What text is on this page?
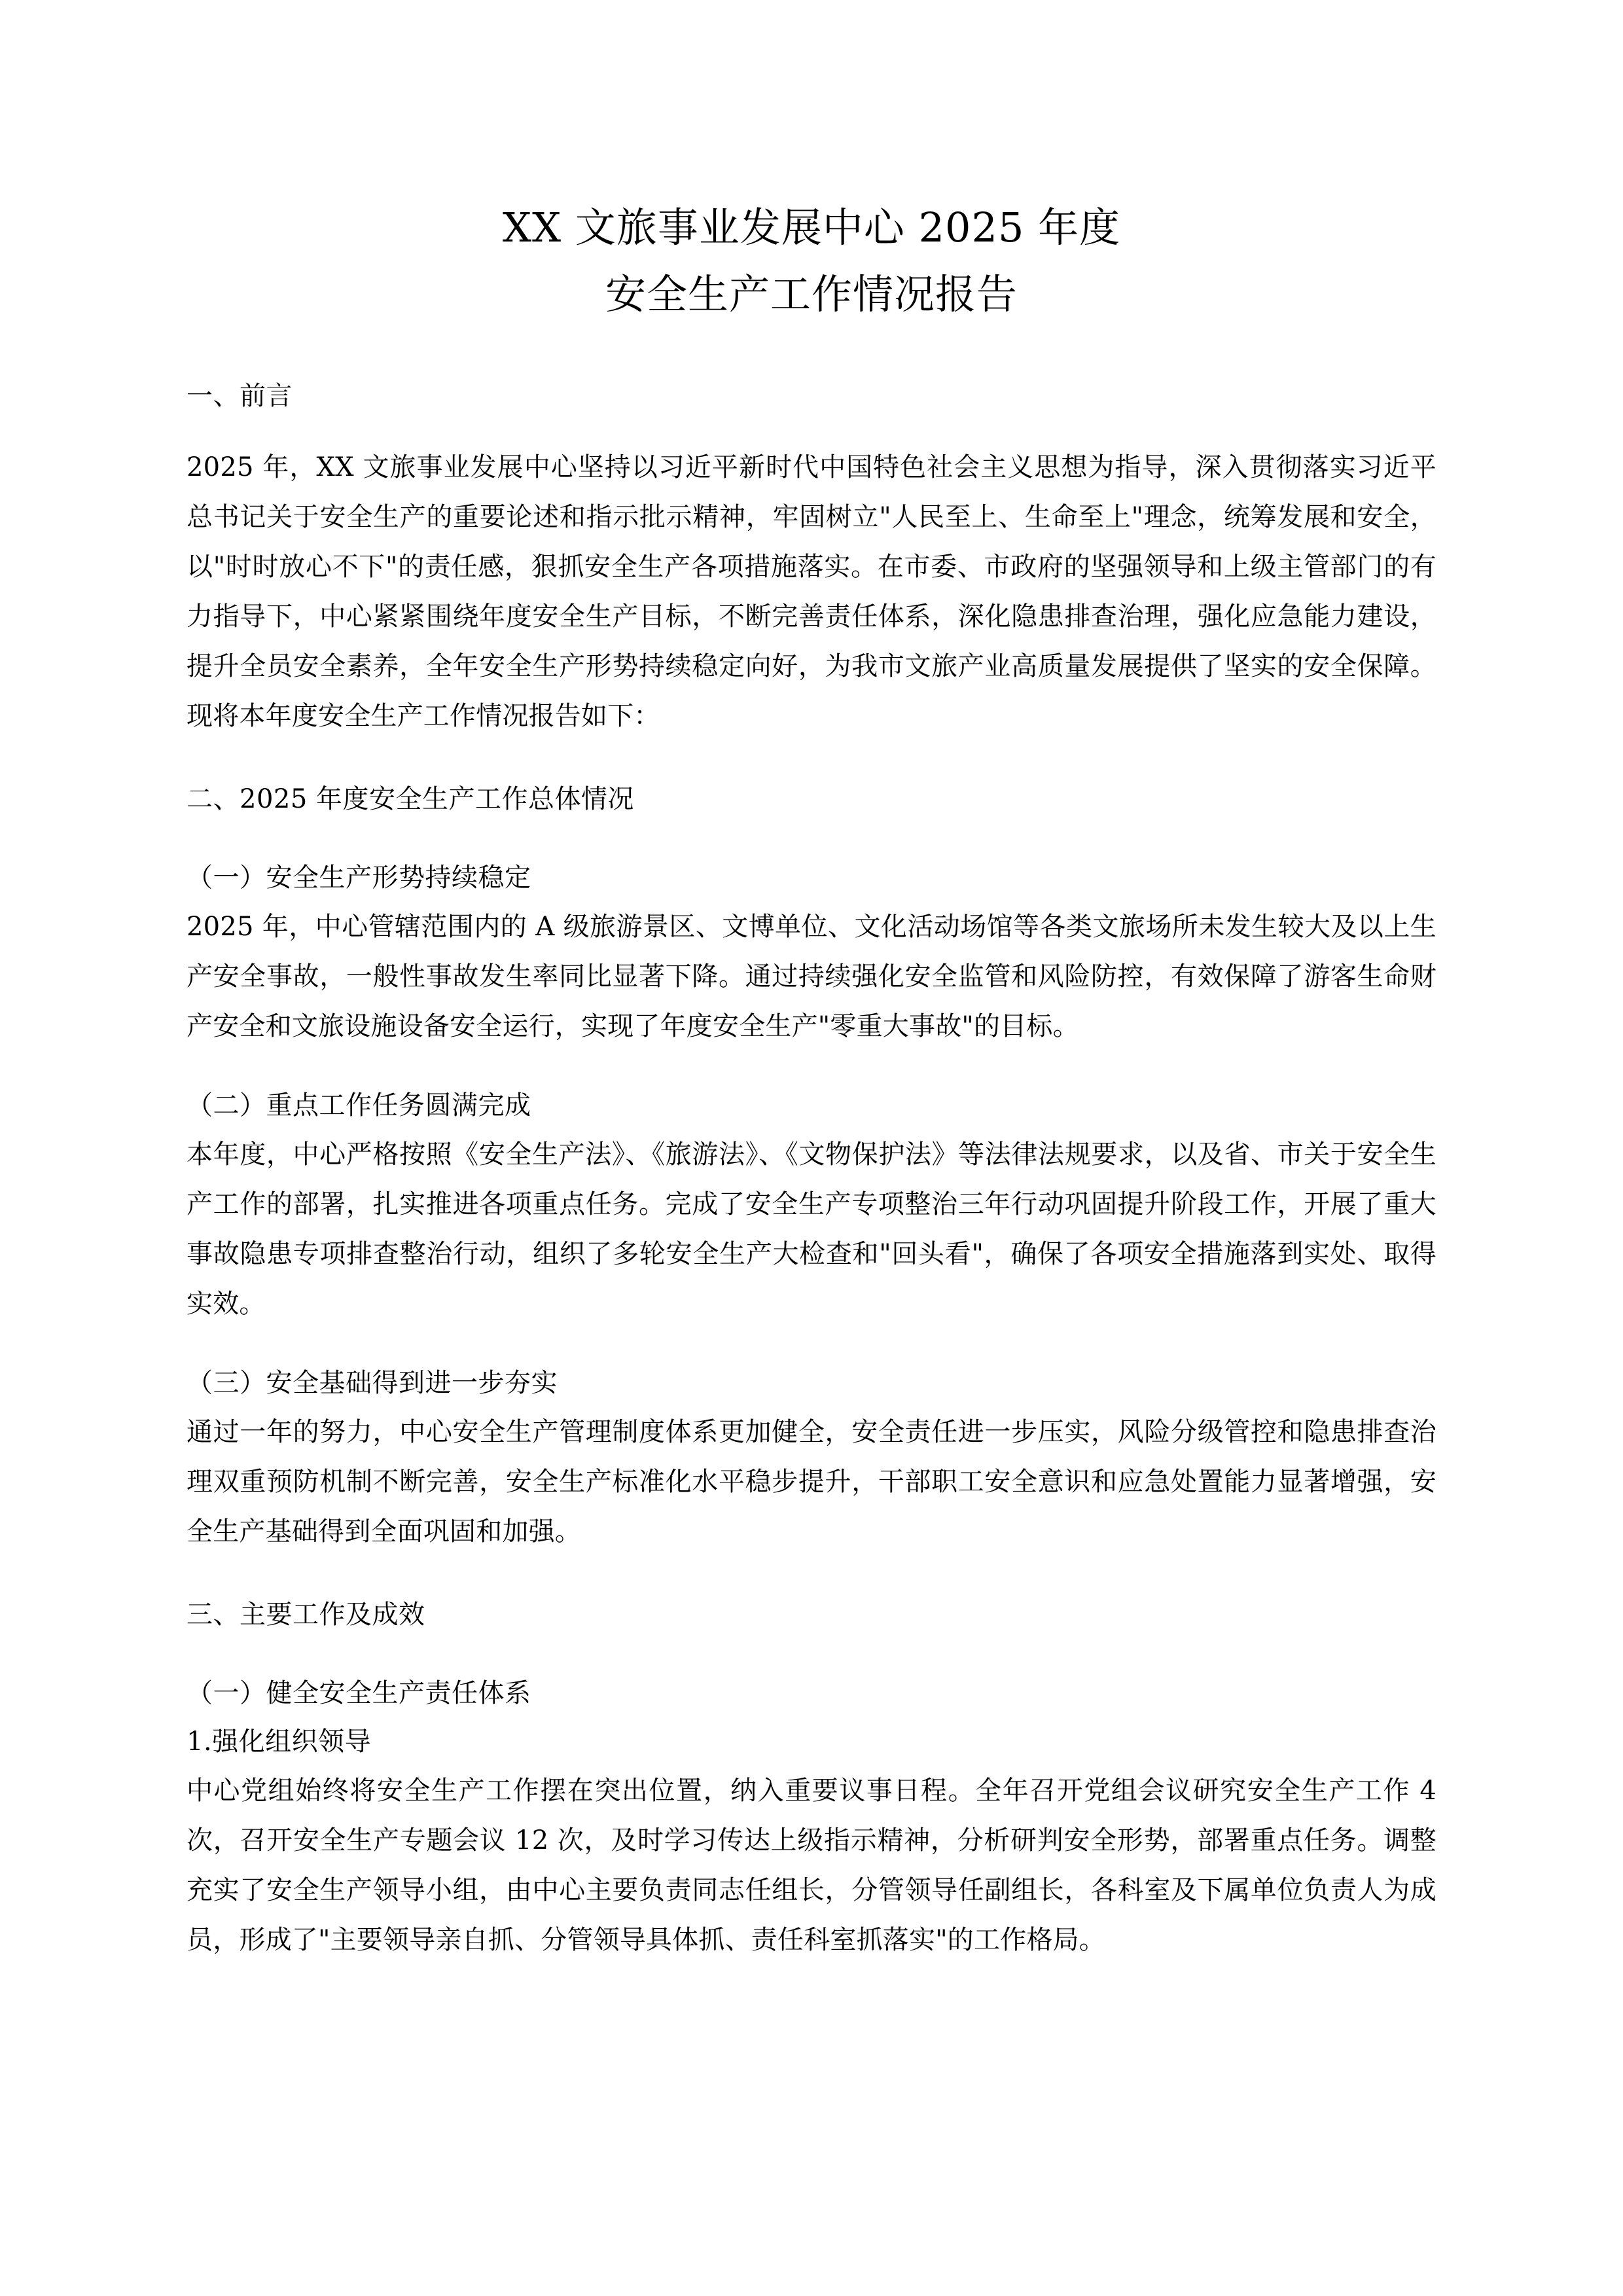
XX 文旅事业发展中心 2025 年度
安全生产工作情况报告
一、前言

2025 年，XX 文旅事业发展中心坚持以习近平新时代中国特色社会主义思想为指导，深入贯彻落实习近平总书记关于安全生产的重要论述和指示批示精神，牢固树立"人民至上、生命至上"理念，统筹发展和安全，以"时时放心不下"的责任感，狠抓安全生产各项措施落实。在市委、市政府的坚强领导和上级主管部门的有力指导下，中心紧紧围绕年度安全生产目标，不断完善责任体系，深化隐患排查治理，强化应急能力建设，提升全员安全素养，全年安全生产形势持续稳定向好，为我市文旅产业高质量发展提供了坚实的安全保障。现将本年度安全生产工作情况报告如下：

二、2025 年度安全生产工作总体情况
（一）安全生产形势持续稳定

2025 年，中心管辖范围内的 A 级旅游景区、文博单位、文化活动场馆等各类文旅场所未发生较大及以上生产安全事故，一般性事故发生率同比显著下降。通过持续强化安全监管和风险防控，有效保障了游客生命财产安全和文旅设施设备安全运行，实现了年度安全生产"零重大事故"的目标。

（二）重点工作任务圆满完成

本年度，中心严格按照《安全生产法》、《旅游法》、《文物保护法》等法律法规要求，以及省、市关于安全生产工作的部署，扎实推进各项重点任务。完成了安全生产专项整治三年行动巩固提升阶段工作，开展了重大事故隐患专项排查整治行动，组织了多轮安全生产大检查和"回头看"，确保了各项安全措施落到实处、取得实效。

（三）安全基础得到进一步夯实

通过一年的努力，中心安全生产管理制度体系更加健全，安全责任进一步压实，风险分级管控和隐患排查治理双重预防机制不断完善，安全生产标准化水平稳步提升，干部职工安全意识和应急处置能力显著增强，安全生产基础得到全面巩固和加强。

三、主要工作及成效
（一）健全安全生产责任体系
1.强化组织领导

中心党组始终将安全生产工作摆在突出位置，纳入重要议事日程。全年召开党组会议研究安全生产工作 4 次，召开安全生产专题会议 12 次，及时学习传达上级指示精神，分析研判安全形势，部署重点任务。调整充实了安全生产领导小组，由中心主要负责同志任组长，分管领导任副组长，各科室及下属单位负责人为成员，形成了"主要领导亲自抓、分管领导具体抓、责任科室抓落实"的工作格局。
